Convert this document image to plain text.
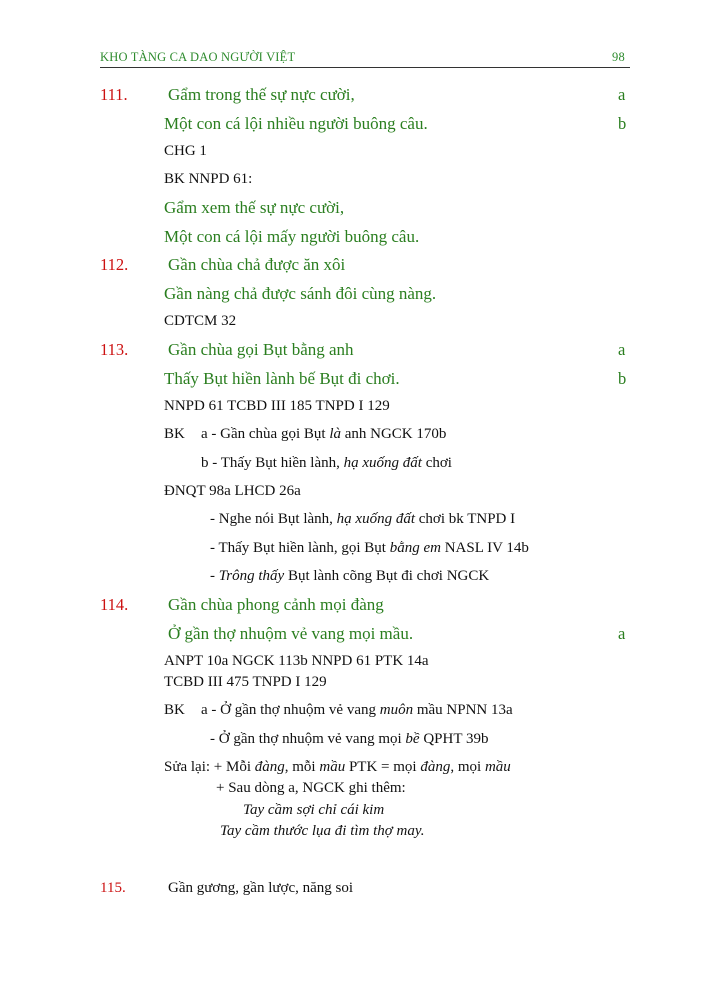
KHO TÀNG CA DAO NGƯỜI VIỆT	98
111. Gẩm trong thế sự nực cười,	a
Một con cá lội nhiều người buông câu.	b
CHG 1
BK NNPD 61:
Gẩm xem thế sự nực cười,
Một con cá lội mấy người buông câu.
112. Gần chùa chả được ăn xôi
Gần nàng chả được sánh đôi cùng nàng.
CDTCM 32
113. Gần chùa gọi Bụt bằng anh	a
Thấy Bụt hiền lành bế Bụt đi chơi.	b
NNPD 61 TCBD III 185 TNPD I 129
BK a - Gần chùa gọi Bụt là anh NGCK 170b
b - Thấy Bụt hiền lành, hạ xuống đất chơi
ĐNQT 98a LHCD 26a
- Nghe nói Bụt lành, hạ xuống đất chơi bk TNPD I
- Thấy Bụt hiền lành, gọi Bụt bằng em NASL IV 14b
- Trông thấy Bụt lành cõng Bụt đi chơi NGCK
114. Gần chùa phong cảnh mọi đàng
Ở gần thợ nhuộm vẻ vang mọi mầu.	a
ANPT 10a NGCK 113b NNPD 61 PTK 14a
TCBD III 475 TNPD I 129
BK a - Ở gần thợ nhuộm vẻ vang muôn mầu NPNN 13a
- Ở gần thợ nhuộm vẻ vang mọi bề QPHT 39b
Sửa lại: + Mỗi đàng, mỗi mầu PTK = mọi đàng, mọi mầu
+ Sau dòng a, NGCK ghi thêm:
Tay cầm sợi chỉ cái kim
Tay cầm thước lụa đi tìm thợ may.
115.	Gần gương, gần lược, năng soi
